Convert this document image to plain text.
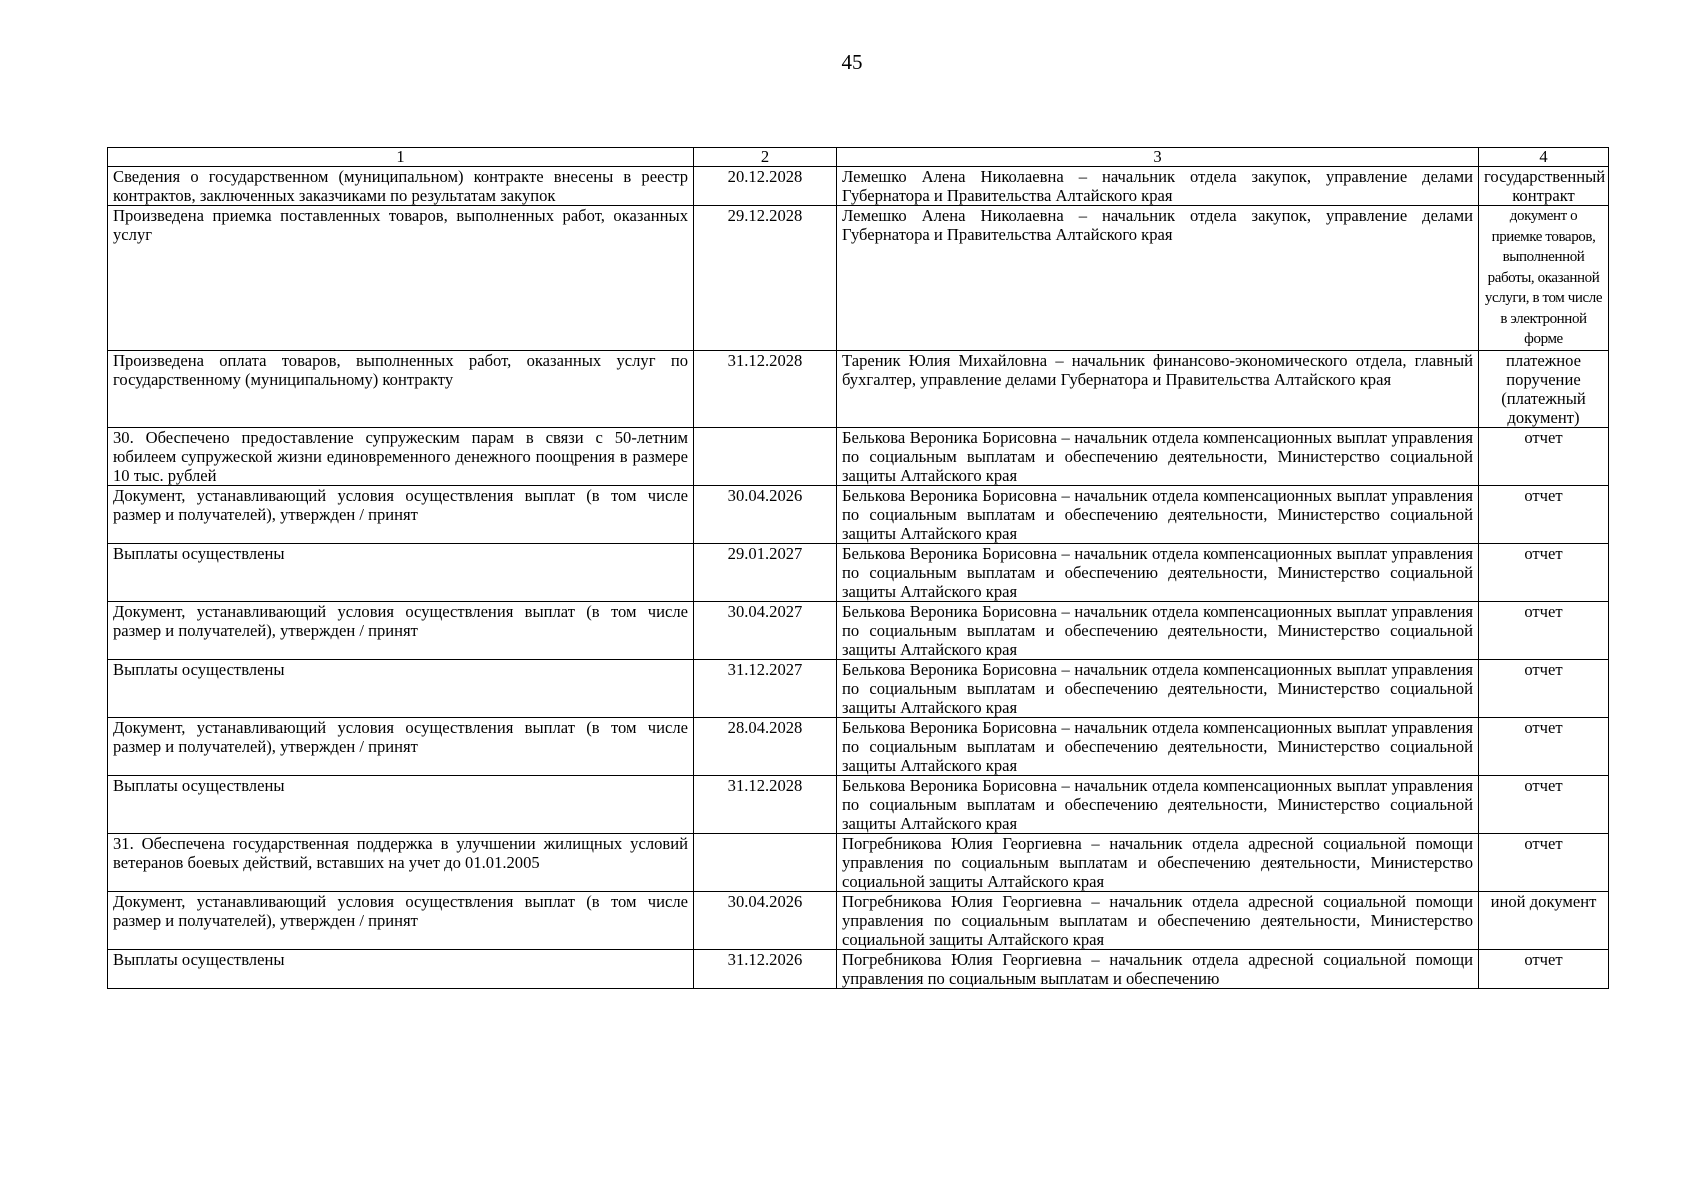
45
1	2	3	4
Сведения о государственном (муниципальном) контракте внесены в реестр контрактов, заключенных заказчиками по результатам закупок	20.12.2028	Лемешко Алена Николаевна – начальник отдела закупок, управление делами Губернатора и Правительства Алтайского края	государственный контракт
Произведена приемка поставленных товаров, выполненных работ, оказанных услуг	29.12.2028	Лемешко Алена Николаевна – начальник отдела закупок, управление делами Губернатора и Правительства Алтайского края	документ о приемке товаров, выполненной работы, оказанной услуги, в том числе в электронной форме
Произведена оплата товаров, выполненных работ, оказанных услуг по государственному (муниципальному) контракту	31.12.2028	Тареник Юлия Михайловна – начальник финансово-экономического отдела, главный бухгалтер, управление делами Губернатора и Правительства Алтайского края	платежное поручение (платежный документ)
30. Обеспечено предоставление супружеским парам в связи с 50-летним юбилеем супружеской жизни единовременного денежного поощрения в размере 10 тыс. рублей		Белькова Вероника Борисовна – начальник отдела компенсационных выплат управления по социальным выплатам и обеспечению деятельности, Министерство социальной защиты Алтайского края	отчет
Документ, устанавливающий условия осуществления выплат (в том числе размер и получателей), утвержден / принят	30.04.2026	Белькова Вероника Борисовна – начальник отдела компенсационных выплат управления по социальным выплатам и обеспечению деятельности, Министерство социальной защиты Алтайского края	отчет
Выплаты осуществлены	29.01.2027	Белькова Вероника Борисовна – начальник отдела компенсационных выплат управления по социальным выплатам и обеспечению деятельности, Министерство социальной защиты Алтайского края	отчет
Документ, устанавливающий условия осуществления выплат (в том числе размер и получателей), утвержден / принят	30.04.2027	Белькова Вероника Борисовна – начальник отдела компенсационных выплат управления по социальным выплатам и обеспечению деятельности, Министерство социальной защиты Алтайского края	отчет
Выплаты осуществлены	31.12.2027	Белькова Вероника Борисовна – начальник отдела компенсационных выплат управления по социальным выплатам и обеспечению деятельности, Министерство социальной защиты Алтайского края	отчет
Документ, устанавливающий условия осуществления выплат (в том числе размер и получателей), утвержден / принят	28.04.2028	Белькова Вероника Борисовна – начальник отдела компенсационных выплат управления по социальным выплатам и обеспечению деятельности, Министерство социальной защиты Алтайского края	отчет
Выплаты осуществлены	31.12.2028	Белькова Вероника Борисовна – начальник отдела компенсационных выплат управления по социальным выплатам и обеспечению деятельности, Министерство социальной защиты Алтайского края	отчет
31. Обеспечена государственная поддержка в улучшении жилищных условий ветеранов боевых действий, вставших на учет до 01.01.2005		Погребникова Юлия Георгиевна – начальник отдела адресной социальной помощи управления по социальным выплатам и обеспечению деятельности, Министерство социальной защиты Алтайского края	отчет
Документ, устанавливающий условия осуществления выплат (в том числе размер и получателей), утвержден / принят	30.04.2026	Погребникова Юлия Георгиевна – начальник отдела адресной социальной помощи управления по социальным выплатам и обеспечению деятельности, Министерство социальной защиты Алтайского края	иной документ
Выплаты осуществлены	31.12.2026	Погребникова Юлия Георгиевна – начальник отдела адресной социальной помощи управления по социальным выплатам и обеспечению	отчет
